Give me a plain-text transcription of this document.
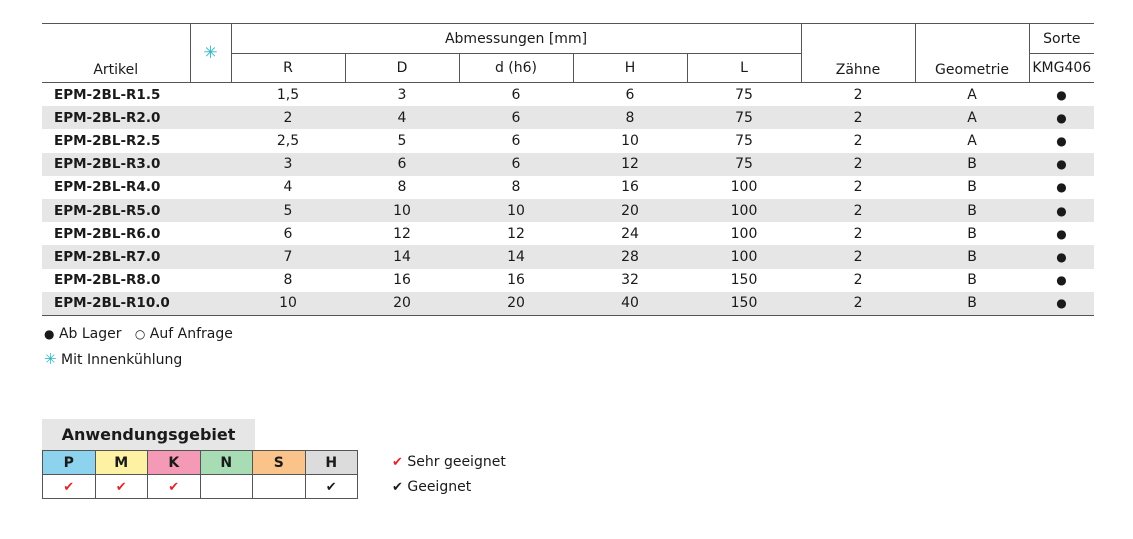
Artikel	✳	Abmessungen [mm]					Zähne	Geometrie	Sorte
		R	D	d (h6)	H	L			KMG406
EPM-2BL-R1.5		1,5	3	6	6	75	2	A	●
EPM-2BL-R2.0		2	4	6	8	75	2	A	●
EPM-2BL-R2.5		2,5	5	6	10	75	2	A	●
EPM-2BL-R3.0		3	6	6	12	75	2	B	●
EPM-2BL-R4.0		4	8	8	16	100	2	B	●
EPM-2BL-R5.0		5	10	10	20	100	2	B	●
EPM-2BL-R6.0		6	12	12	24	100	2	B	●
EPM-2BL-R7.0		7	14	14	28	100	2	B	●
EPM-2BL-R8.0		8	16	16	32	150	2	B	●
EPM-2BL-R10.0		10	20	20	40	150	2	B	●
● Ab Lager ○ Auf Anfrage
✳ Mit Innenkühlung
Anwendungsgebiet
P	M	K	N	S	H
✔	✔	✔			✔
✔ Sehr geeignet
✔ Geeignet
